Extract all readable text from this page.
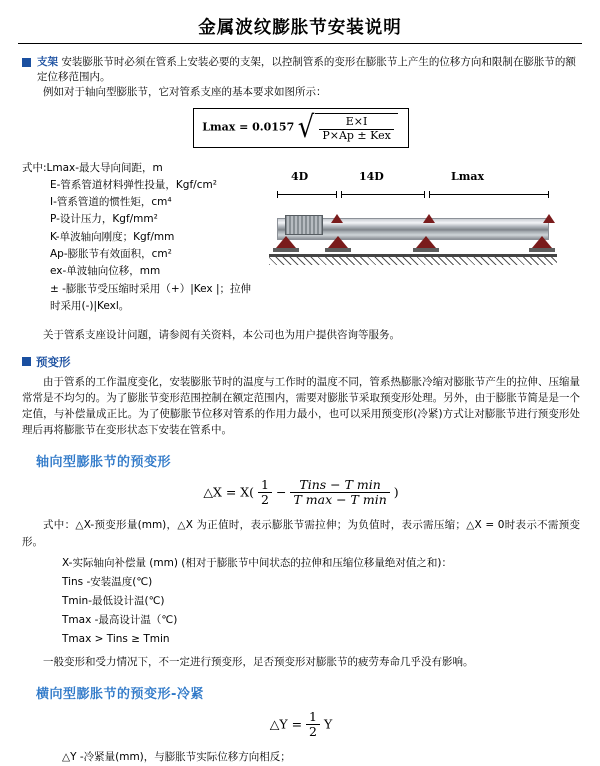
金属波纹膨胀节安装说明
支架 安装膨胀节时必须在管系上安装必要的支架，以控制管系的变形在膨胀节上产生的位移方向和限制在膨胀节的额定位移范围内。

例如对于轴向型膨胀节，它对管系支座的基本要求如图所示：

Lmax = 0.0157 √ $\frac{E\times I}{\text{P×Ap ± Kex}}$
式中:Lmax-最大导向间距，m
E-管系管道材料弹性投量，Kgf/cm²
I-管系管道的惯性矩，cm⁴
P-设计压力，Kgf/mm²
K-单波轴向刚度；Kgf/mm
Ap-膨胀节有效面积，cm²
ex-单波轴向位移，mm
± -膨胀节受压缩时采用（+）|Kex |；拉伸时采用(-)|Kexl。
4D	14D	Lmax

关于管系支座设计问题，请参阅有关资料，本公司也为用户提供咨询等服务。

预变形

由于管系的工作温度变化，安装膨胀节时的温度与工作时的温度不同，管系热膨胀冷缩对膨胀节产生的拉伸、压缩量常常是不均匀的。为了膨胀节变形范围控制在额定范围内，需要对膨胀节采取预变形处理。另外，由于膨胀节简是是一个定值，与补偿量成正比。为了使膨胀节位移对管系的作用力最小，也可以采用预变形(冷紧)方式让对膨胀节进行预变形处理后再将膨胀节在变形状态下安装在管系中。

轴向型膨胀节的预变形
△X = $X( \frac{1}{2} - \frac{\text{Tins − T min}}{\text{T max − T min}}$ )

式中：△X-预变形量(mm)，△X 为正值时，表示膨胀节需拉伸；为负值时，表示需压缩；△X = 0时表示不需预变形。

X-实际轴向补偿量 (mm) (相对于膨胀节中间状态的拉伸和压缩位移量绝对值之和)：
Tins -安装温度(℃)
Tmin-最低设计温(℃)
Tmax -最高设计温（℃)
Tmax > Tins ≥ Tmin

一般变形和受力情况下，不一定进行预变形，足否预变形对膨胀节的疲劳寿命几乎没有影响。

横向型膨胀节的预变形-冷紧
△Y = $\frac{1}{2}$ Y

△Y -冷紧量(mm)，与膨胀节实际位移方向相反；
